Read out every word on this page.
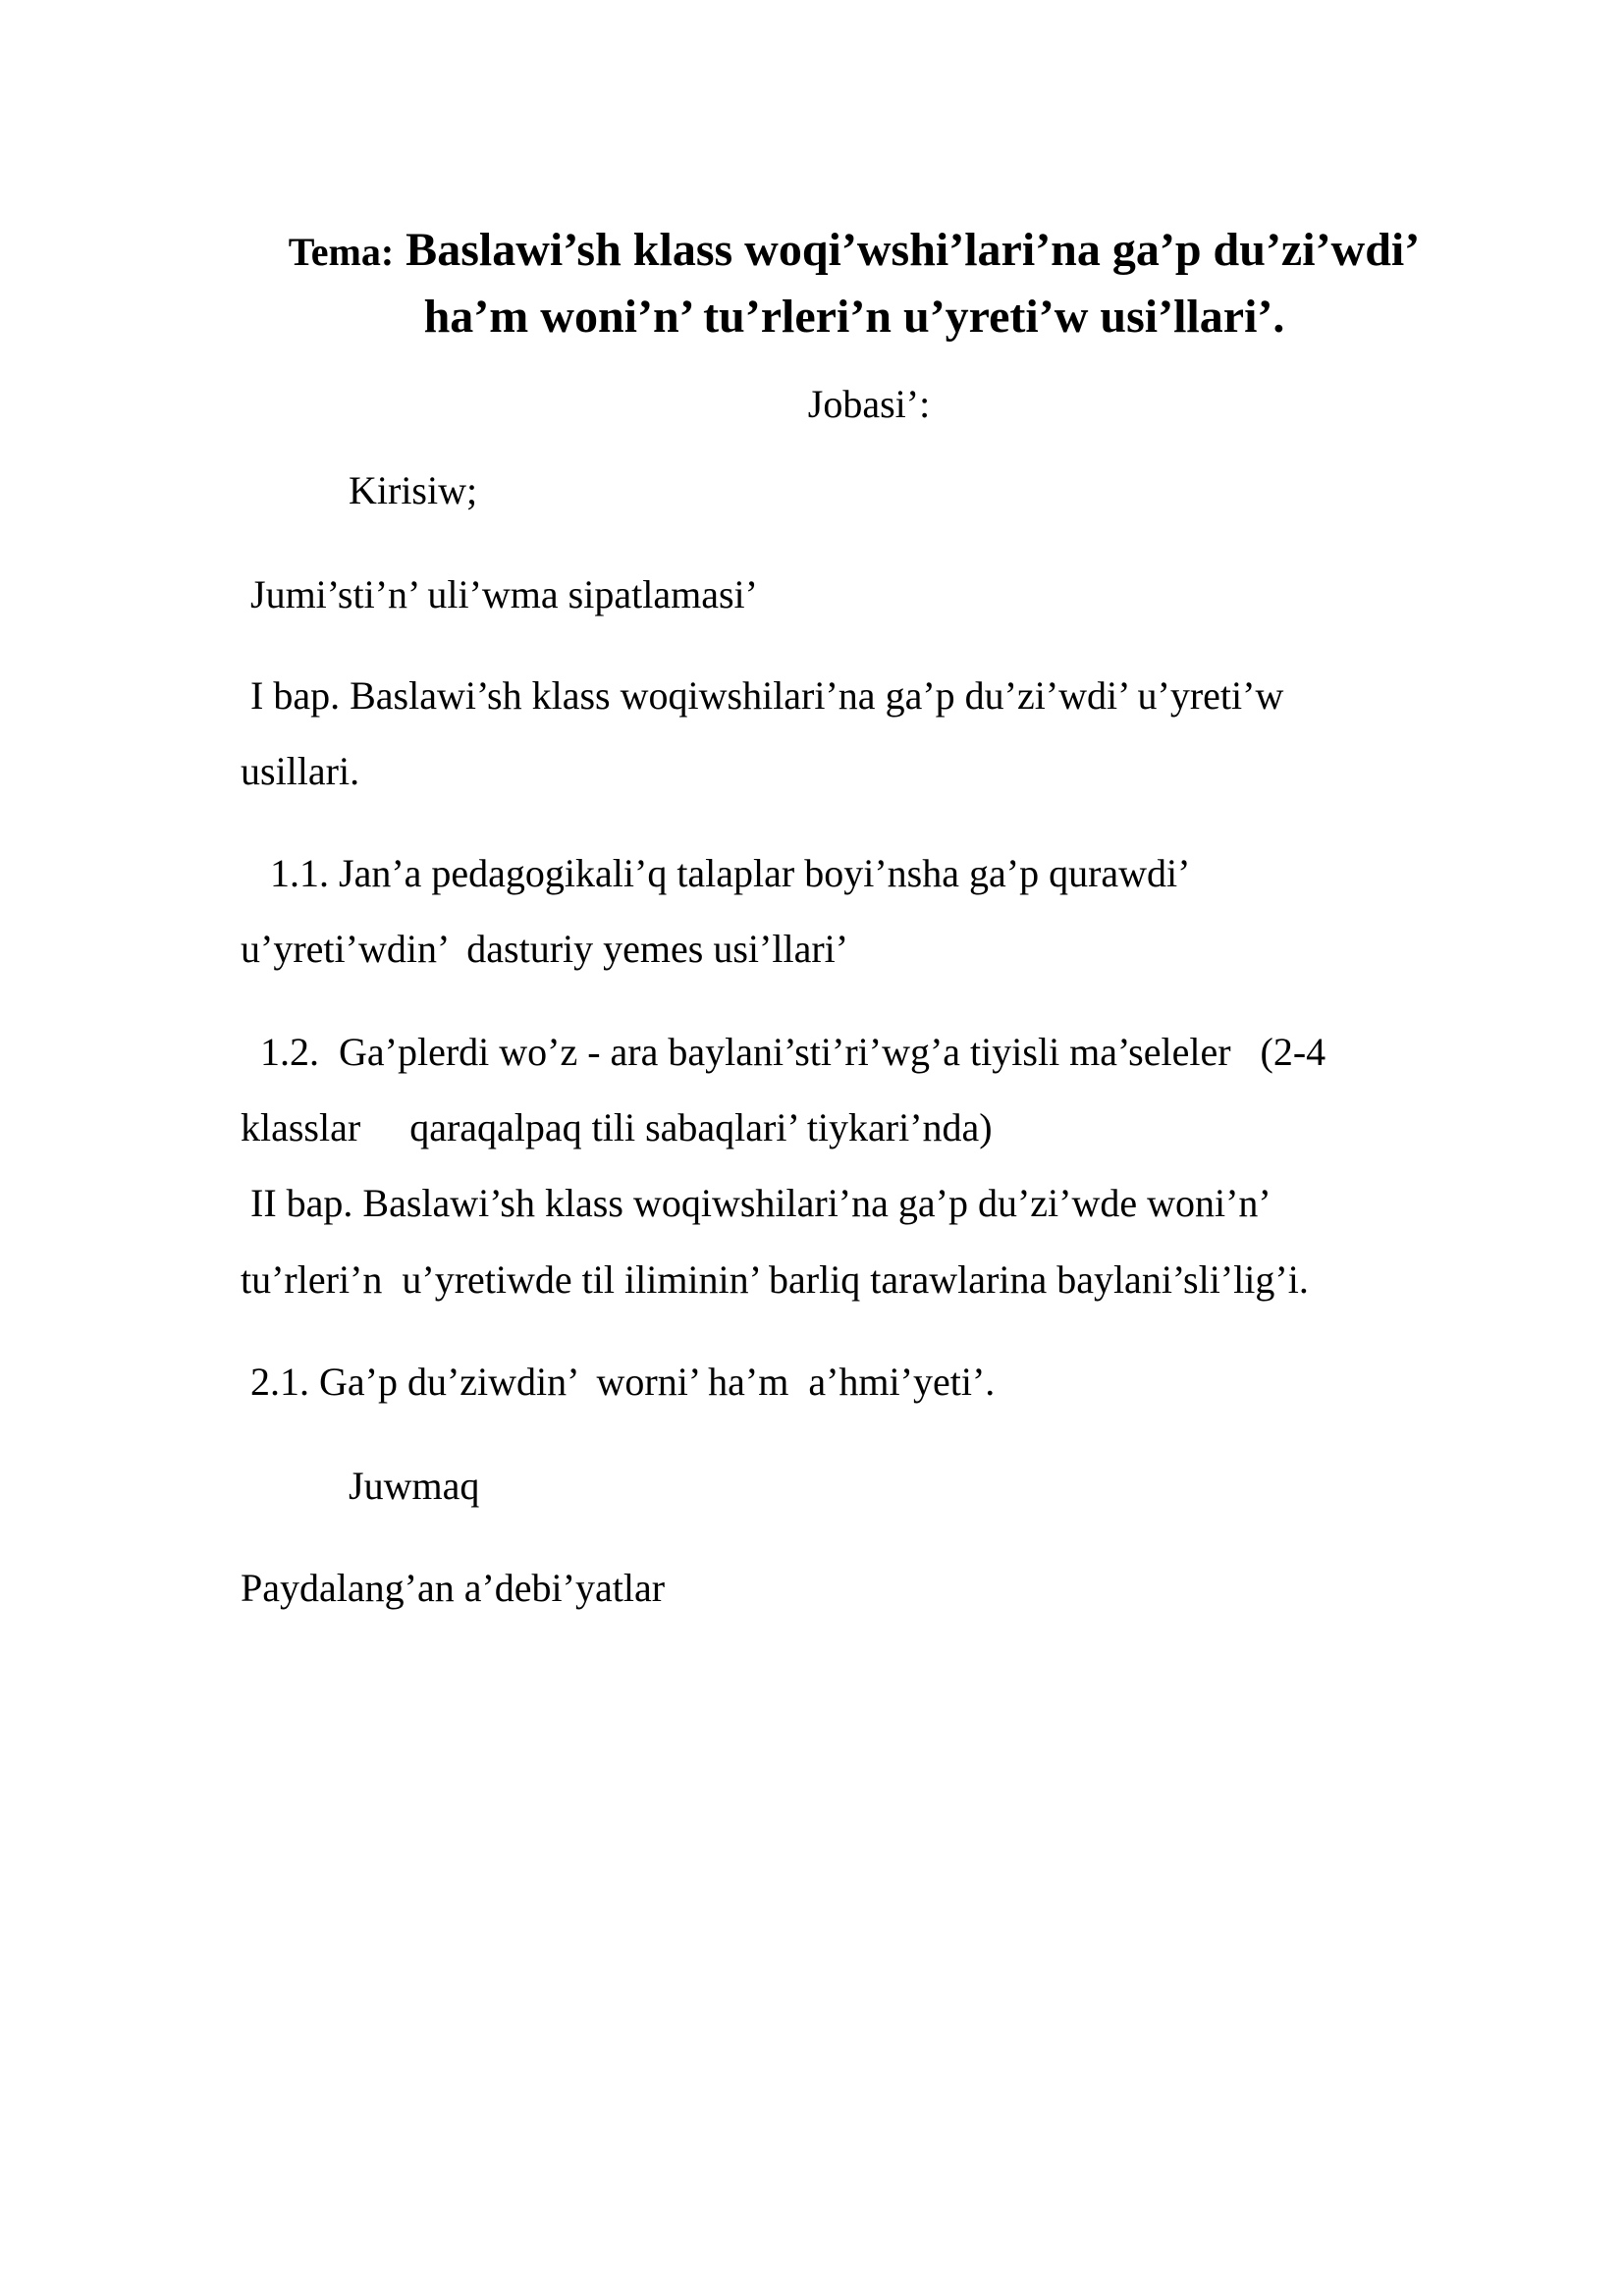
Tema: Baslawi’sh klass woqi’wshi’lari’na ga’p du’zi’wdi’
ha’m woni’n’ tu’rleri’n u’yreti’w usi’llari’.
Jobasi’:
Kirisiw;
Jumi’sti’n’ uli’wma sipatlamasi’
I bap. Baslawi’sh klass woqiwshilari’na ga’p du’zi’wdi’ u’yreti’w
usillari.
1.1. Jan’a pedagogikali’q talaplar boyi’nsha ga’p qurawdi’
u’yreti’wdin’  dasturiy yemes usi’llari’
1.2.  Ga’plerdi wo’z - ara baylani’sti’ri’wg’a tiyisli ma’seleler   (2-4
klasslar     qaraqalpaq tili sabaqlari’ tiykari’nda)
II bap. Baslawi’sh klass woqiwshilari’na ga’p du’zi’wde woni’n’
tu’rleri’n  u’yretiwde til iliminin’ barliq tarawlarina baylani’sli’lig’i.
2.1. Ga’p du’ziwdin’  worni’ ha’m  a’hmi’yeti’.
Juwmaq
Paydalang’an a’debi’yatlar
